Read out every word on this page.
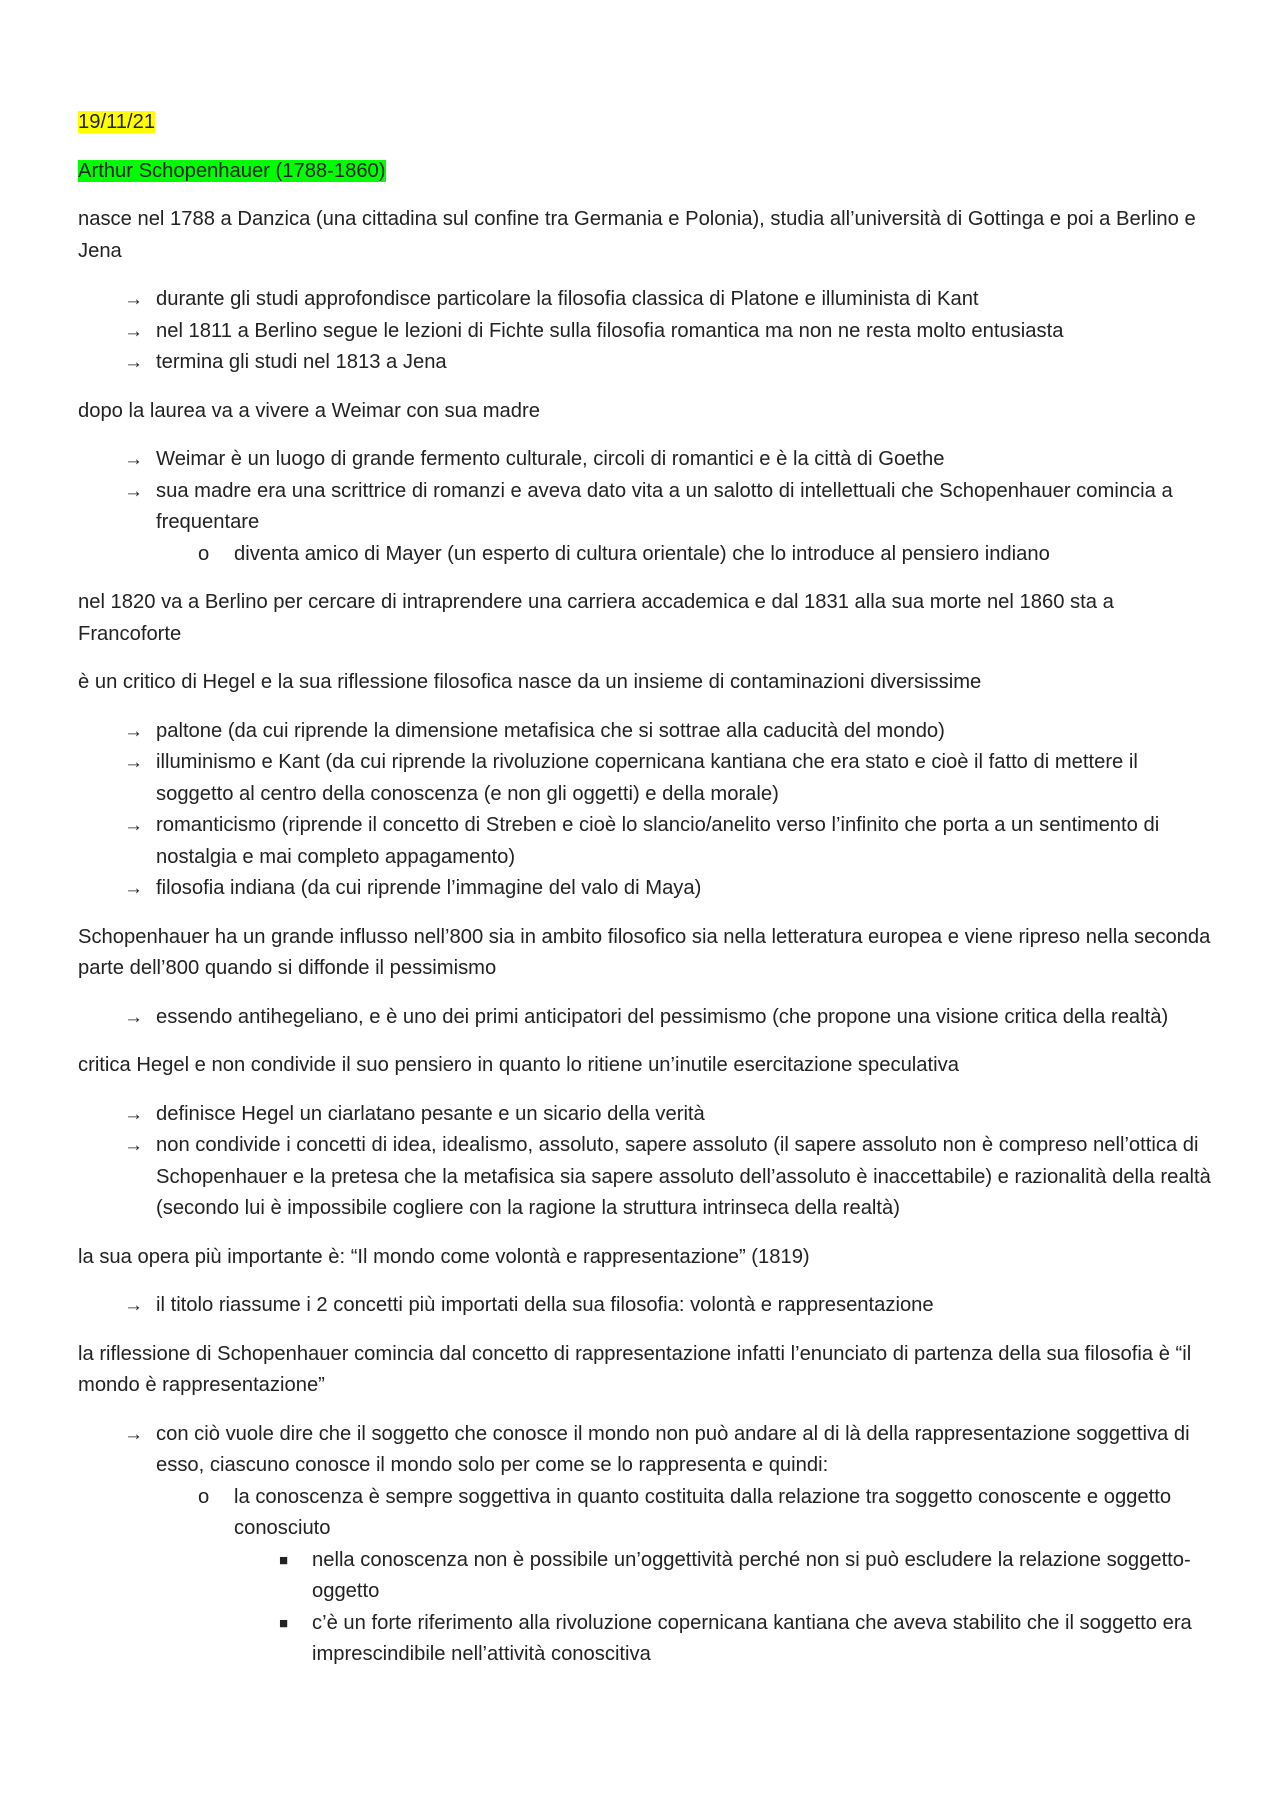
19/11/21

Arthur Schopenhauer (1788-1860)

nasce nel 1788 a Danzica (una cittadina sul confine tra Germania e Polonia), studia all’università di Gottinga e poi a Berlino e Jena

→ durante gli studi approfondisce particolare la filosofia classica di Platone e illuminista di Kant
→ nel 1811 a Berlino segue le lezioni di Fichte sulla filosofia romantica ma non ne resta molto entusiasta
→ termina gli studi nel 1813 a Jena

dopo la laurea va a vivere a Weimar con sua madre

→ Weimar è un luogo di grande fermento culturale, circoli di romantici e è la città di Goethe
→ sua madre era una scrittrice di romanzi e aveva dato vita a un salotto di intellettuali che Schopenhauer comincia a frequentare
o	diventa amico di Mayer (un esperto di cultura orientale) che lo introduce al pensiero indiano

nel 1820 va a Berlino per cercare di intraprendere una carriera accademica e dal 1831 alla sua morte nel 1860 sta a Francoforte

è un critico di Hegel e la sua riflessione filosofica nasce da un insieme di contaminazioni diversissime

→ paltone (da cui riprende la dimensione metafisica che si sottrae alla caducità del mondo)
→ illuminismo e Kant (da cui riprende la rivoluzione copernicana kantiana che era stato e cioè il fatto di mettere il soggetto al centro della conoscenza (e non gli oggetti) e della morale)
→ romanticismo (riprende il concetto di Streben e cioè lo slancio/anelito verso l’infinito che porta a un sentimento di nostalgia e mai completo appagamento)
→ filosofia indiana (da cui riprende l’immagine del valo di Maya)

Schopenhauer ha un grande influsso nell’800 sia in ambito filosofico sia nella letteratura europea e viene ripreso nella seconda parte dell’800 quando si diffonde il pessimismo

→ essendo antihegeliano, e è uno dei primi anticipatori del pessimismo (che propone una visione critica della realtà)

critica Hegel e non condivide il suo pensiero in quanto lo ritiene un’inutile esercitazione speculativa

→ definisce Hegel un ciarlatano pesante e un sicario della verità
→ non condivide i concetti di idea, idealismo, assoluto, sapere assoluto (il sapere assoluto non è compreso nell’ottica di Schopenhauer e la pretesa che la metafisica sia sapere assoluto dell’assoluto è inaccettabile) e razionalità della realtà (secondo lui è impossibile cogliere con la ragione la struttura intrinseca della realtà)

la sua opera più importante è: “Il mondo come volontà e rappresentazione” (1819)

→ il titolo riassume i 2 concetti più importati della sua filosofia: volontà e rappresentazione

la riflessione di Schopenhauer comincia dal concetto di rappresentazione infatti l’enunciato di partenza della sua filosofia è “il mondo è rappresentazione”

→ con ciò vuole dire che il soggetto che conosce il mondo non può andare al di là della rappresentazione soggettiva di esso, ciascuno conosce il mondo solo per come se lo rappresenta e quindi:
o	la conoscenza è sempre soggettiva in quanto costituita dalla relazione tra soggetto conoscente e oggetto conosciuto
■	nella conoscenza non è possibile un’oggettività perché non si può escludere la relazione soggetto-oggetto
■	c’è un forte riferimento alla rivoluzione copernicana kantiana che aveva stabilito che il soggetto era imprescindibile nell’attività conoscitiva
